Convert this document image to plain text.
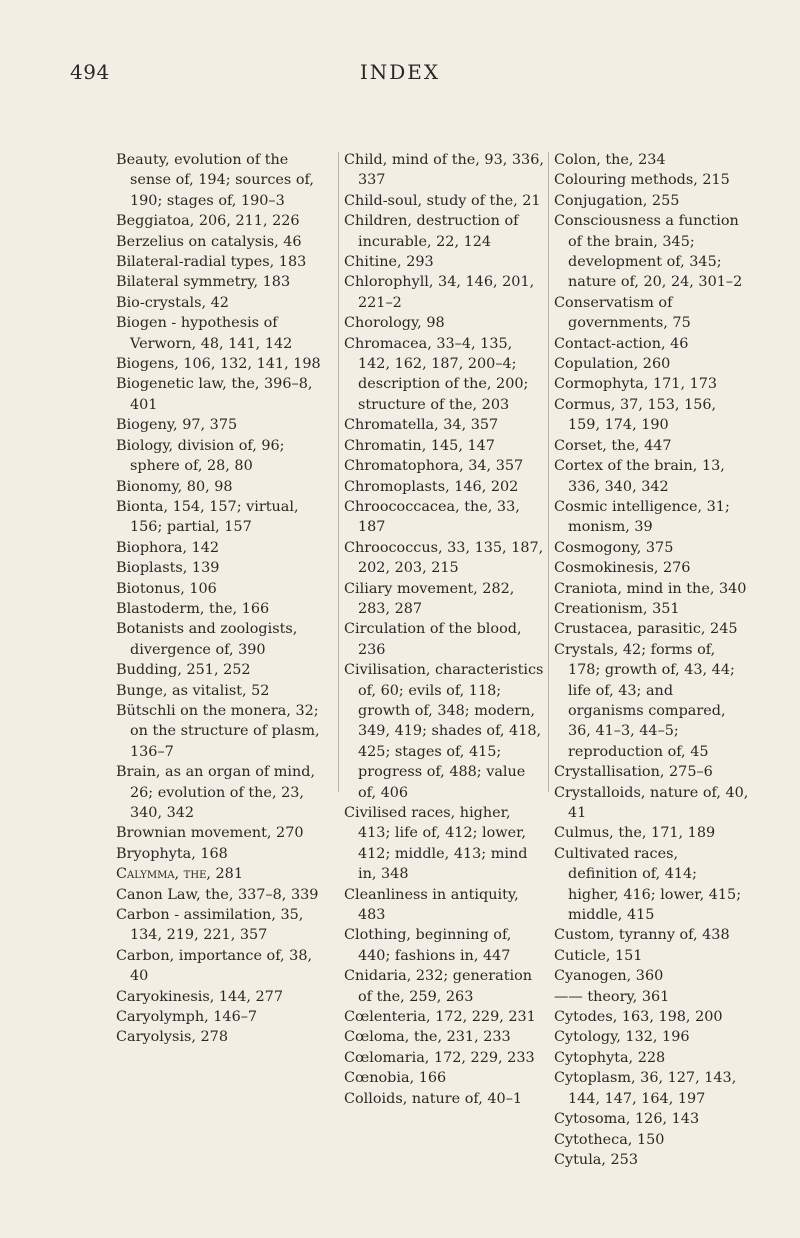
494	INDEX
Beauty, evolution of the sense of, 194; sources of, 190; stages of, 190–3
Beggiatoa, 206, 211, 226
Berzelius on catalysis, 46
Bilateral-radial types, 183
Bilateral symmetry, 183
Bio-crystals, 42
Biogen - hypothesis of Verworn, 48, 141, 142
Biogens, 106, 132, 141, 198
Biogenetic law, the, 396–8, 401
Biogeny, 97, 375
Biology, division of, 96; sphere of, 28, 80
Bionomy, 80, 98
Bionta, 154, 157; virtual, 156; partial, 157
Biophora, 142
Bioplasts, 139
Biotonus, 106
Blastoderm, the, 166
Botanists and zoologists, divergence of, 390
Budding, 251, 252
Bunge, as vitalist, 52
Bütschli on the monera, 32; on the structure of plasm, 136–7
Brain, as an organ of mind, 26; evolution of the, 23, 340, 342
Brownian movement, 270
Bryophyta, 168
Calymma, the, 281
Canon Law, the, 337–8, 339
Carbon - assimilation, 35, 134, 219, 221, 357
Carbon, importance of, 38, 40
Caryokinesis, 144, 277
Caryolymph, 146–7
Caryolysis, 278
Child, mind of the, 93, 336, 337
Child-soul, study of the, 21
Children, destruction of incurable, 22, 124
Chitine, 293
Chlorophyll, 34, 146, 201, 221–2
Chorology, 98
Chromacea, 33–4, 135, 142, 162, 187, 200–4; description of the, 200; structure of the, 203
Chromatella, 34, 357
Chromatin, 145, 147
Chromatophora, 34, 357
Chromoplasts, 146, 202
Chroococcacea, the, 33, 187
Chroococcus, 33, 135, 187, 202, 203, 215
Ciliary movement, 282, 283, 287
Circulation of the blood, 236
Civilisation, characteristics of, 60; evils of, 118; growth of, 348; modern, 349, 419; shades of, 418, 425; stages of, 415; progress of, 488; value of, 406
Civilised races, higher, 413; life of, 412; lower, 412; middle, 413; mind in, 348
Cleanliness in antiquity, 483
Clothing, beginning of, 440; fashions in, 447
Cnidaria, 232; generation of the, 259, 263
Cœlenteria, 172, 229, 231
Cœloma, the, 231, 233
Cœlomaria, 172, 229, 233
Cœnobia, 166
Colloids, nature of, 40–1
Colon, the, 234
Colouring methods, 215
Conjugation, 255
Consciousness a function of the brain, 345; development of, 345; nature of, 20, 24, 301–2
Conservatism of governments, 75
Contact-action, 46
Copulation, 260
Cormophyta, 171, 173
Cormus, 37, 153, 156, 159, 174, 190
Corset, the, 447
Cortex of the brain, 13, 336, 340, 342
Cosmic intelligence, 31; monism, 39
Cosmogony, 375
Cosmokinesis, 276
Craniota, mind in the, 340
Creationism, 351
Crustacea, parasitic, 245
Crystals, 42; forms of, 178; growth of, 43, 44; life of, 43; and organisms compared, 36, 41–3, 44–5; reproduction of, 45
Crystallisation, 275–6
Crystalloids, nature of, 40, 41
Culmus, the, 171, 189
Cultivated races, definition of, 414; higher, 416; lower, 415; middle, 415
Custom, tyranny of, 438
Cuticle, 151
Cyanogen, 360
—— theory, 361
Cytodes, 163, 198, 200
Cytology, 132, 196
Cytophyta, 228
Cytoplasm, 36, 127, 143, 144, 147, 164, 197
Cytosoma, 126, 143
Cytotheca, 150
Cytula, 253
